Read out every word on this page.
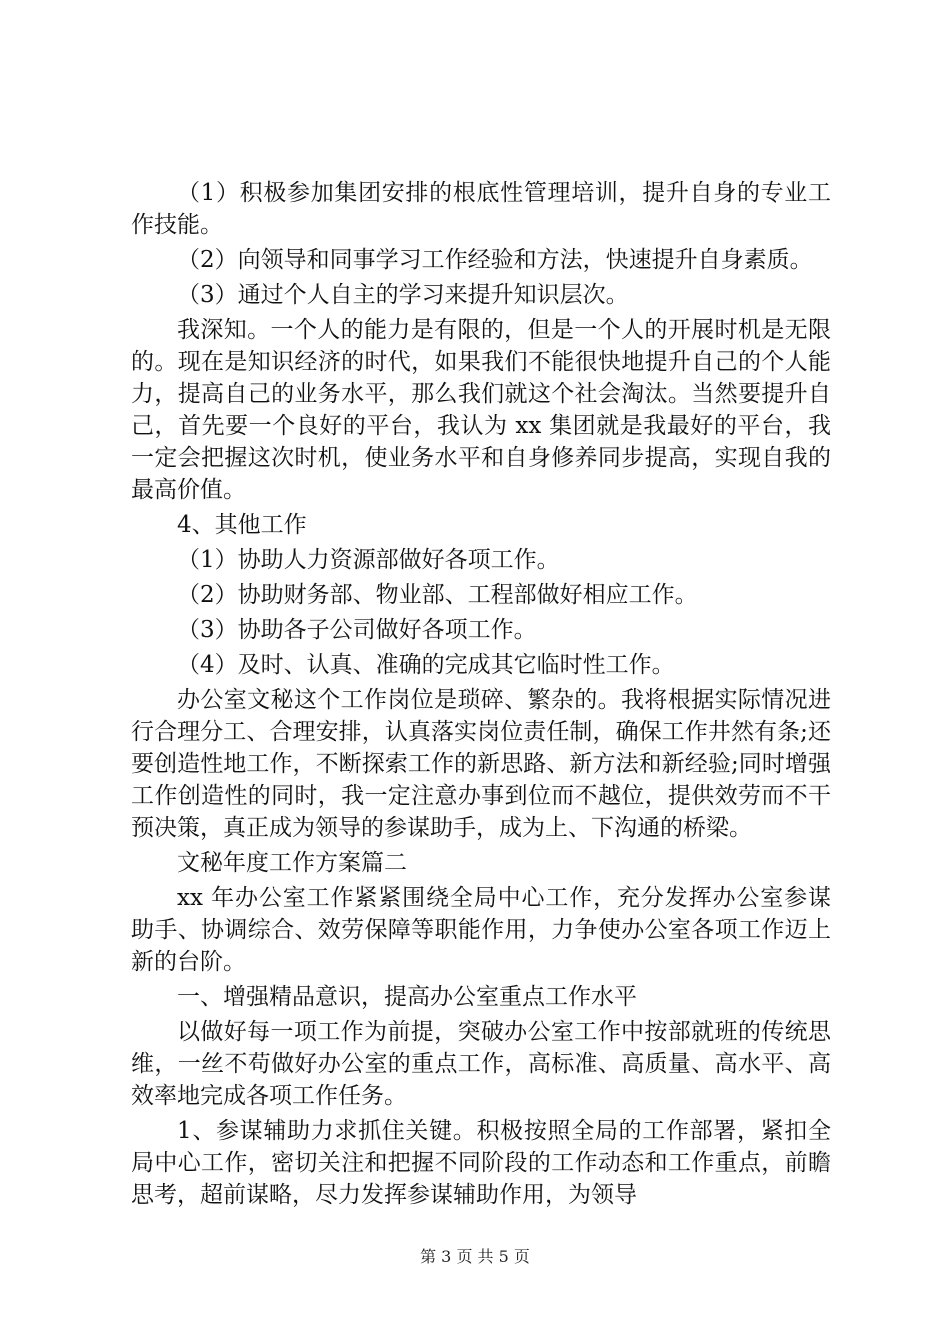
（1）积极参加集团安排的根底性管理培训，提升自身的专业工作技能。

（2）向领导和同事学习工作经验和方法，快速提升自身素质。

（3）通过个人自主的学习来提升知识层次。

我深知。一个人的能力是有限的，但是一个人的开展时机是无限的。现在是知识经济的时代，如果我们不能很快地提升自己的个人能力，提高自己的业务水平，那么我们就这个社会淘汰。当然要提升自己，首先要一个良好的平台，我认为 xx 集团就是我最好的平台，我一定会把握这次时机，使业务水平和自身修养同步提高，实现自我的最高价值。

4、其他工作

（1）协助人力资源部做好各项工作。

（2）协助财务部、物业部、工程部做好相应工作。

（3）协助各子公司做好各项工作。

（4）及时、认真、准确的完成其它临时性工作。

办公室文秘这个工作岗位是琐碎、繁杂的。我将根据实际情况进行合理分工、合理安排，认真落实岗位责任制，确保工作井然有条;还要创造性地工作，不断探索工作的新思路、新方法和新经验;同时增强工作创造性的同时，我一定注意办事到位而不越位，提供效劳而不干预决策，真正成为领导的参谋助手，成为上、下沟通的桥梁。

文秘年度工作方案篇二

xx 年办公室工作紧紧围绕全局中心工作，充分发挥办公室参谋助手、协调综合、效劳保障等职能作用，力争使办公室各项工作迈上新的台阶。

一、增强精品意识，提高办公室重点工作水平

以做好每一项工作为前提，突破办公室工作中按部就班的传统思维，一丝不苟做好办公室的重点工作，高标准、高质量、高水平、高效率地完成各项工作任务。

1、参谋辅助力求抓住关键。积极按照全局的工作部署，紧扣全局中心工作，密切关注和把握不同阶段的工作动态和工作重点，前瞻思考，超前谋略，尽力发挥参谋辅助作用，为领导

第 3 页 共 5 页
